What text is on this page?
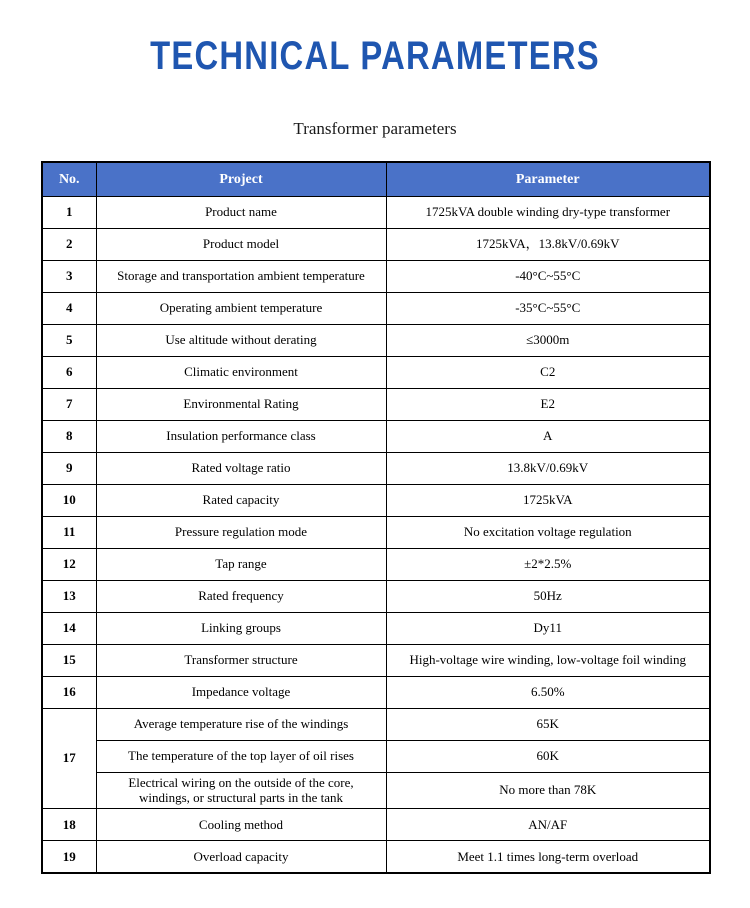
TECHNICAL PARAMETERS
Transformer parameters
No.	Project	Parameter
1	Product name	1725kVA double winding dry-type transformer
2	Product model	1725kVA，13.8kV/0.69kV
3	Storage and transportation ambient temperature	-40°C~55°C
4	Operating ambient temperature	-35°C~55°C
5	Use altitude without derating	≤3000m
6	Climatic environment	C2
7	Environmental Rating	E2
8	Insulation performance class	A
9	Rated voltage ratio	13.8kV/0.69kV
10	Rated capacity	1725kVA
11	Pressure regulation mode	No excitation voltage regulation
12	Tap range	±2*2.5%
13	Rated frequency	50Hz
14	Linking groups	Dy11
15	Transformer structure	High-voltage wire winding, low-voltage foil winding
16	Impedance voltage	6.50%
17	Average temperature rise of the windings	65K
	The temperature of the top layer of oil rises	60K
	Electrical wiring on the outside of the core,
windings, or structural parts in the tank	No more than 78K
18	Cooling method	AN/AF
19	Overload capacity	Meet 1.1 times long-term overload
